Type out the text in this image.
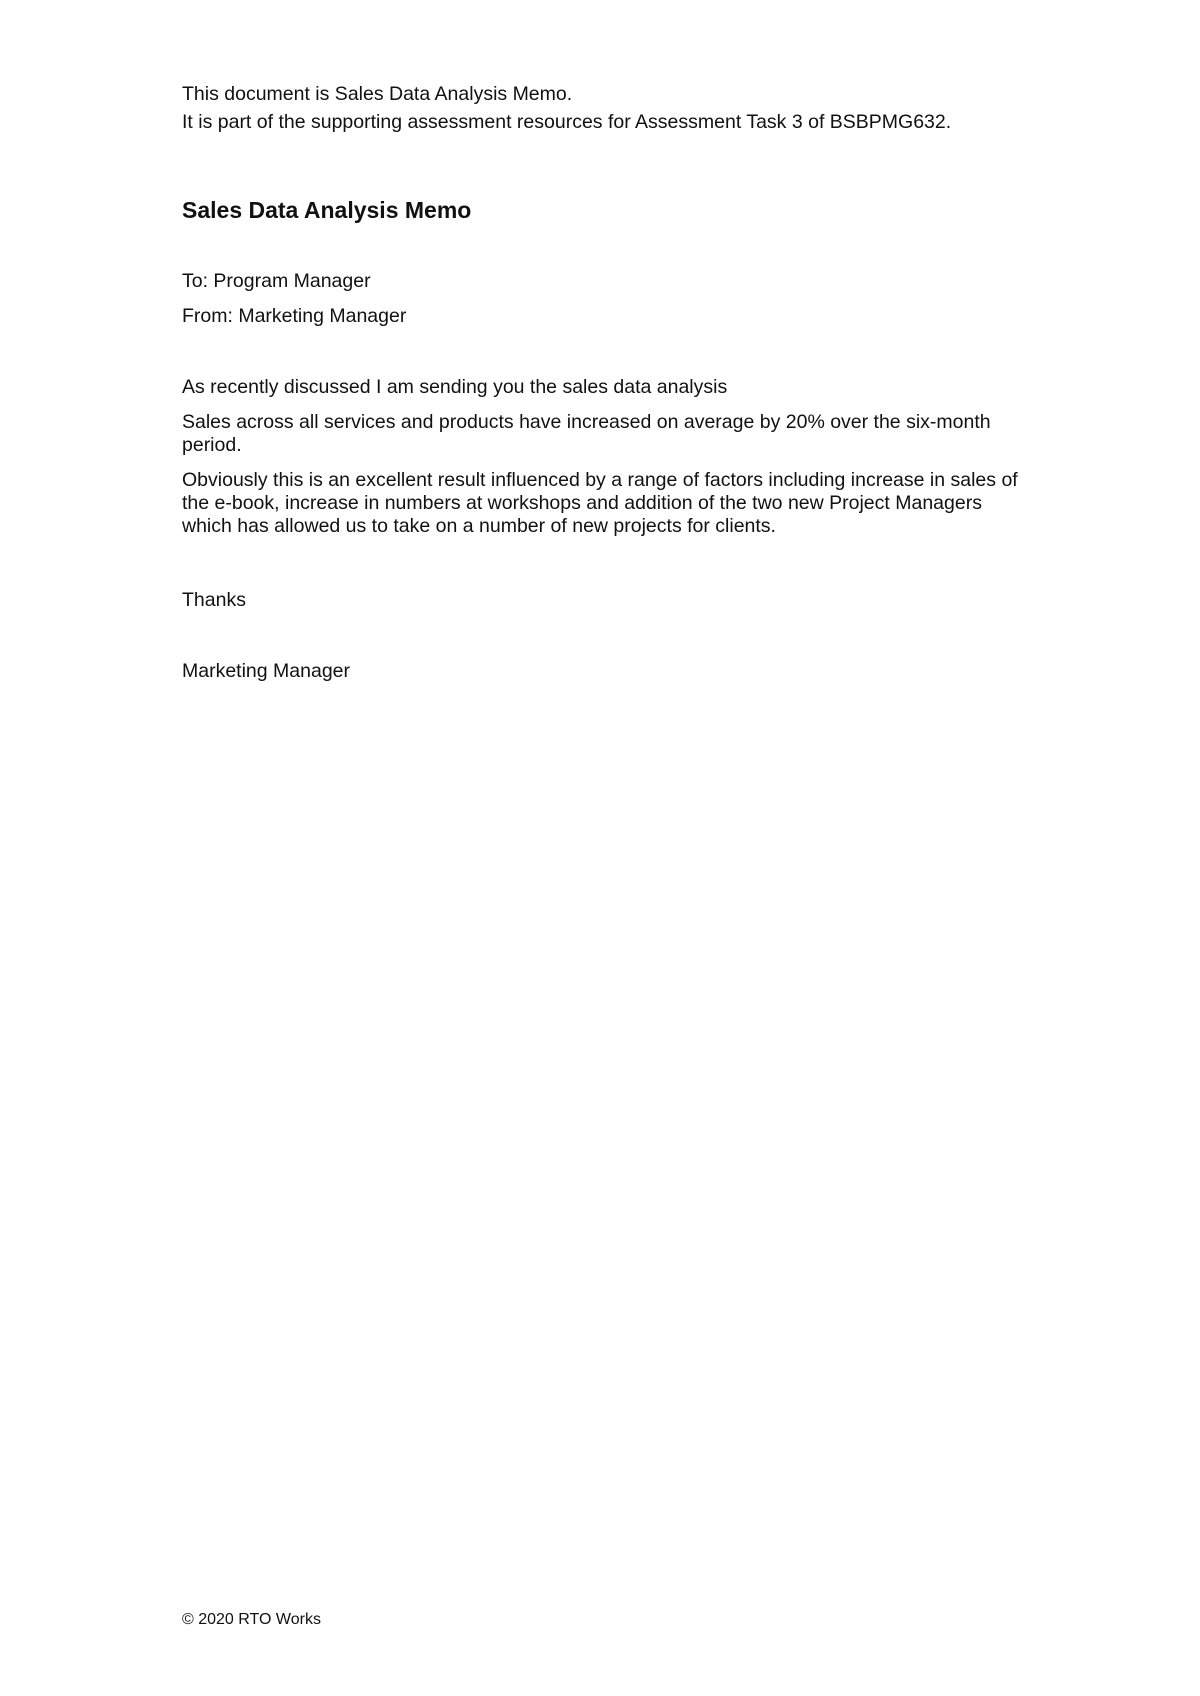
This document is Sales Data Analysis Memo.

It is part of the supporting assessment resources for Assessment Task 3 of BSBPMG632.

Sales Data Analysis Memo

To: Program Manager

From: Marketing Manager

As recently discussed I am sending you the sales data analysis

Sales across all services and products have increased on average by 20% over the six-month period.

Obviously this is an excellent result influenced by a range of factors including increase in sales of the e-book, increase in numbers at workshops and addition of the two new Project Managers which has allowed us to take on a number of new projects for clients.

Thanks

Marketing Manager

© 2020 RTO Works
